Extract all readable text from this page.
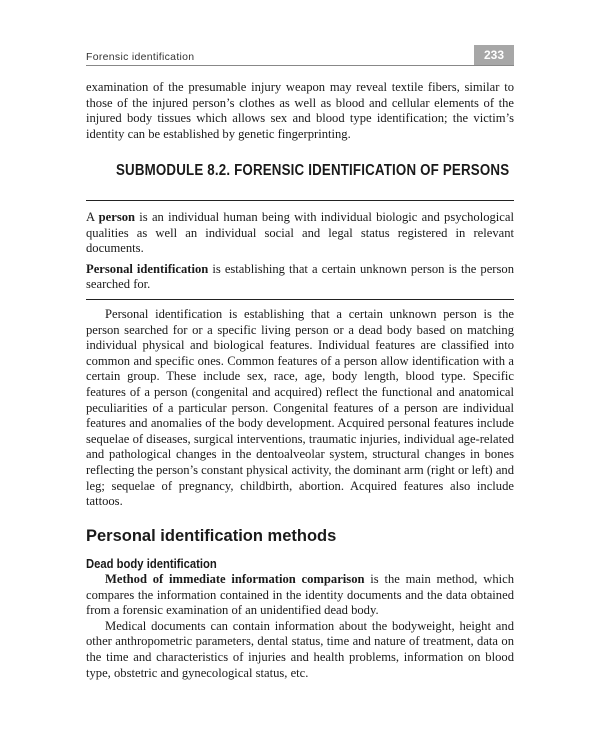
Forensic identification	233

examination of the presumable injury weapon may reveal textile fibers, similar to those of the injured person’s clothes as well as blood and cellular elements of the injured body tissues which allows sex and blood type identification; the victim’s identity can be established by genetic fingerprinting.

SUBMODULE 8.2. FORENSIC IDENTIFICATION OF PERSONS

A person is an individual human being with individual biologic and psychological qualities as well an individual social and legal status registered in relevant documents.

Personal identification is establishing that a certain unknown person is the person searched for.

Personal identification is establishing that a certain unknown person is the person searched for or a specific living person or a dead body based on matching individual physical and biological features. Individual features are classified into common and specific ones. Common features of a person allow identification with a certain group. These include sex, race, age, body length, blood type. Specific features of a person (congenital and acquired) reflect the functional and anatomical peculiarities of a particular person. Congenital features of a person are individual features and anomalies of the body development. Acquired personal features include sequelae of diseases, surgical interventions, traumatic injuries, individual age-related and pathological changes in the dentoalveolar system, structural changes in bones reflecting the person’s constant physical activity, the dominant arm (right or left) and leg; sequelae of pregnancy, childbirth, abortion. Acquired features also include tattoos.

Personal identification methods
Dead body identification

Method of immediate information comparison is the main method, which compares the information contained in the identity documents and the data obtained from a forensic examination of an unidentified dead body.

Medical documents can contain information about the bodyweight, height and other anthropometric parameters, dental status, time and nature of treatment, data on the time and characteristics of injuries and health problems, information on blood type, obstetric and gynecological status, etc.
